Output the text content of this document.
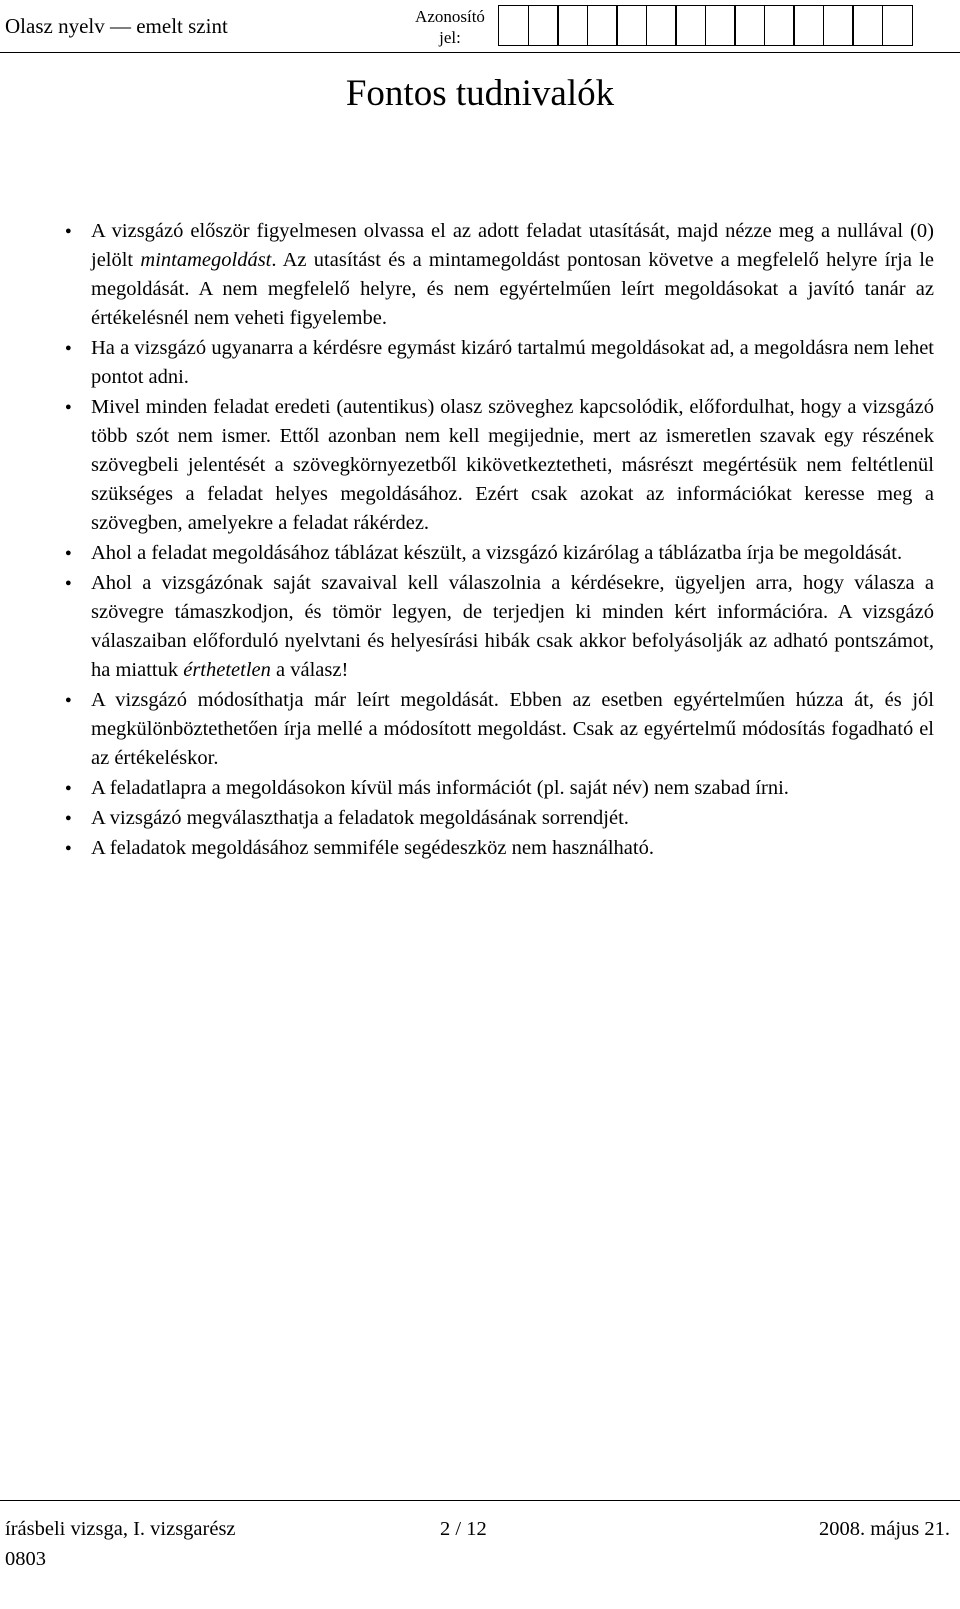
Olasz nyelv — emelt szint	Azonosító jel:
Fontos tudnivalók
● A vizsgázó először figyelmesen olvassa el az adott feladat utasítását, majd nézze meg a nullával (0) jelölt mintamegoldást. Az utasítást és a mintamegoldást pontosan követve a megfelelő helyre írja le megoldását. A nem megfelelő helyre, és nem egyértelműen leírt megoldásokat a javító tanár az értékelésnél nem veheti figyelembe.
● Ha a vizsgázó ugyanarra a kérdésre egymást kizáró tartalmú megoldásokat ad, a megoldásra nem lehet pontot adni.
● Mivel minden feladat eredeti (autentikus) olasz szöveghez kapcsolódik, előfordulhat, hogy a vizsgázó több szót nem ismer. Ettől azonban nem kell megijednie, mert az ismeretlen szavak egy részének szövegbeli jelentését a szövegkörnyezetből kikövetkeztetheti, másrészt megértésük nem feltétlenül szükséges a feladat helyes megoldásához. Ezért csak azokat az információkat keresse meg a szövegben, amelyekre a feladat rákérdez.
● Ahol a feladat megoldásához táblázat készült, a vizsgázó kizárólag a táblázatba írja be megoldását.
● Ahol a vizsgázónak saját szavaival kell válaszolnia a kérdésekre, ügyeljen arra, hogy válasza a szövegre támaszkodjon, és tömör legyen, de terjedjen ki minden kért információra. A vizsgázó válaszaiban előforduló nyelvtani és helyesírási hibák csak akkor befolyásolják az adható pontszámot, ha miattuk érthetetlen a válasz!
● A vizsgázó módosíthatja már leírt megoldását. Ebben az esetben egyértelműen húzza át, és jól megkülönböztethetően írja mellé a módosított megoldást. Csak az egyértelmű módosítás fogadható el az értékeléskor.
● A feladatlapra a megoldásokon kívül más információt (pl. saját név) nem szabad írni.
● A vizsgázó megválaszthatja a feladatok megoldásának sorrendjét.
● A feladatok megoldásához semmiféle segédeszköz nem használható.
írásbeli vizsga, I. vizsgarész	2 / 12	2008. május 21.
0803
